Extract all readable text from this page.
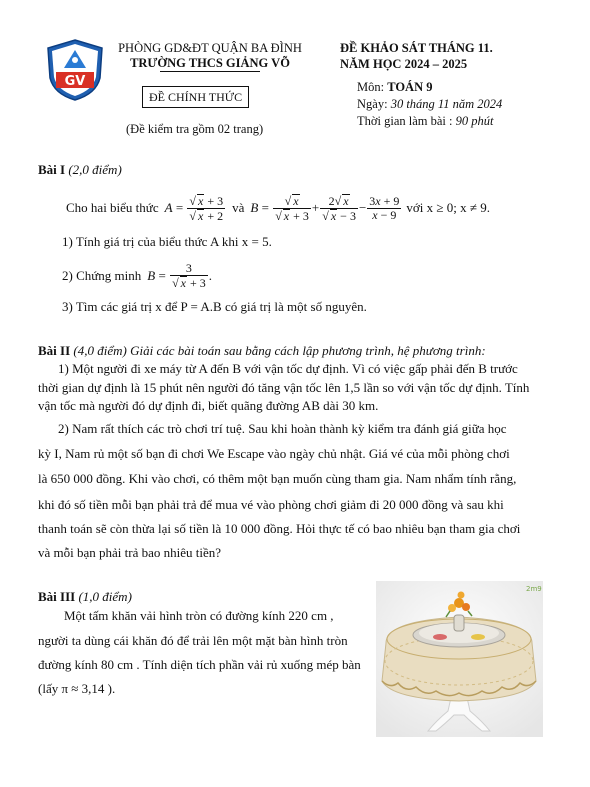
GV
PHÒNG GD&ĐT QUẬN BA ĐÌNH
TRƯỜNG THCS GIẢNG VÕ
ĐỀ CHÍNH THỨC
(Đề kiểm tra gồm 02 trang)
ĐỀ KHẢO SÁT THÁNG 11.
NĂM HỌC 2024 – 2025
Môn: TOÁN 9
Ngày: 30 tháng 11 năm 2024
Thời gian làm bài : 90 phút
Bài I (2,0 điểm)
Cho hai biểu thức $A = \frac{√ x + 3}{√ x + 2}$ và $B = \frac{√ x}{√ x + 3} + \frac{2√ x}{√ x - 3} - \frac{3x + 9}{x - 9}$ với x ≥ 0; x ≠ 9.
1) Tính giá trị của biểu thức A khi x = 5.
2) Chứng minh $B = \frac{3}{√ x + 3}$ .
3) Tìm các giá trị x để P = A.B có giá trị là một số nguyên.
Bài II (4,0 điểm) Giải các bài toán sau bằng cách lập phương trình, hệ phương trình:
1) Một người đi xe máy từ A đến B với vận tốc dự định. Vì có việc gấp phải đến B trước
thời gian dự định là 15 phút nên người đó tăng vận tốc lên 1,5 lần so với vận tốc dự định. Tính
vận tốc mà người đó dự định đi, biết quãng đường AB dài 30 km.
2) Nam rất thích các trò chơi trí tuệ. Sau khi hoàn thành kỳ kiểm tra đánh giá giữa học
kỳ I, Nam rủ một số bạn đi chơi We Escape vào ngày chủ nhật. Giá vé của mỗi phòng chơi
là 650 000 đồng. Khi vào chơi, có thêm một bạn muốn cùng tham gia. Nam nhẩm tính rằng,
khi đó số tiền mỗi bạn phải trả để mua vé vào phòng chơi giảm đi 20 000 đồng và sau khi
thanh toán sẽ còn thừa lại số tiền là 10 000 đồng. Hỏi thực tế có bao nhiêu bạn tham gia chơi
và mỗi bạn phải trả bao nhiêu tiền?
Bài III (1,0 điểm)
Một tấm khăn vải hình tròn có đường kính 220 cm ,
người ta dùng cái khăn đó để trải lên một mặt bàn hình tròn
đường kính 80 cm . Tính diện tích phần vải rủ xuống mép bàn
(lấy π ≈ 3,14 ).
2m9
